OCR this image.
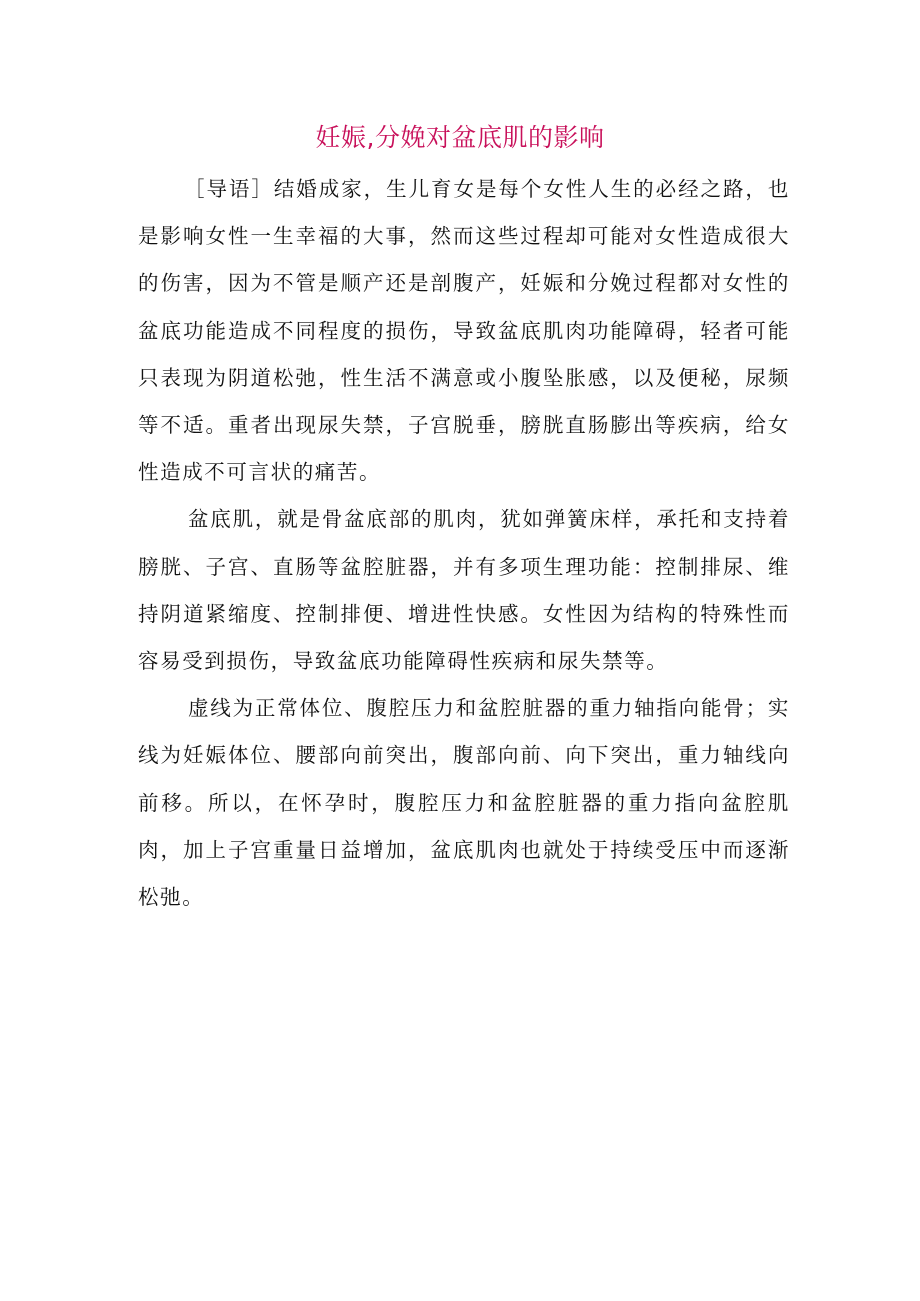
妊娠,分娩对盆底肌的影响

［导语］结婚成家，生儿育女是每个女性人生的必经之路，也是影响女性一生幸福的大事，然而这些过程却可能对女性造成很大的伤害，因为不管是顺产还是剖腹产，妊娠和分娩过程都对女性的盆底功能造成不同程度的损伤，导致盆底肌肉功能障碍，轻者可能只表现为阴道松弛，性生活不满意或小腹坠胀感，以及便秘，尿频等不适。重者出现尿失禁，子宫脱垂，膀胱直肠膨出等疾病，给女性造成不可言状的痛苦。

盆底肌，就是骨盆底部的肌肉，犹如弹簧床样，承托和支持着膀胱、子宫、直肠等盆腔脏器，并有多项生理功能：控制排尿、维持阴道紧缩度、控制排便、增进性快感。女性因为结构的特殊性而容易受到损伤，导致盆底功能障碍性疾病和尿失禁等。

虚线为正常体位、腹腔压力和盆腔脏器的重力轴指向能骨；实线为妊娠体位、腰部向前突出，腹部向前、向下突出，重力轴线向前移。所以，在怀孕时，腹腔压力和盆腔脏器的重力指向盆腔肌肉，加上子宫重量日益增加，盆底肌肉也就处于持续受压中而逐渐松弛。
